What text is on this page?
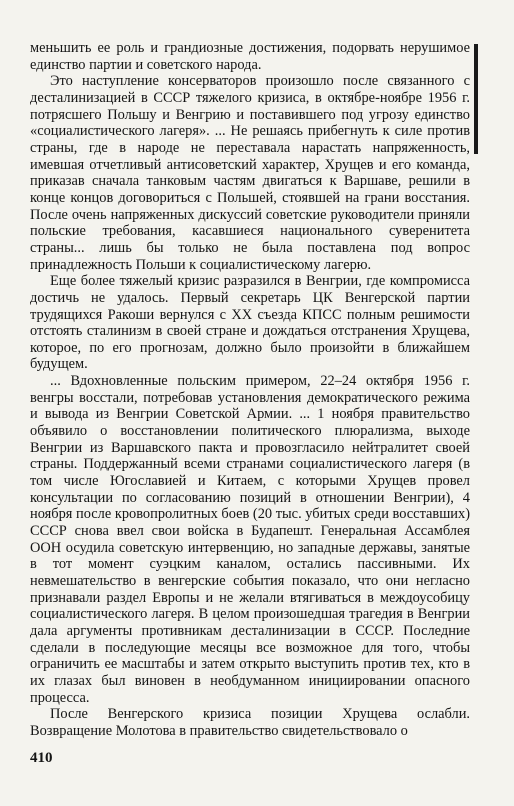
меньшить ее роль и грандиозные достижения, подорвать нерушимое единство партии и советского народа.

Это наступление консерваторов произошло после связанного с десталинизацией в СССР тяжелого кризиса, в октябре-ноябре 1956 г. потрясшего Польшу и Венгрию и поставившего под угрозу единство «социалистического лагеря». ... Не решаясь прибегнуть к силе против страны, где в народе не переставала нарастать напряженность, имевшая отчетливый антисоветский характер, Хрущев и его команда, приказав сначала танковым частям двигаться к Варшаве, решили в конце концов договориться с Польшей, стоявшей на грани восстания. После очень напряженных дискуссий советские руководители приняли польские требования, касавшиеся национального суверенитета страны... лишь бы только не была поставлена под вопрос принадлежность Польши к социалистическому лагерю.

Еще более тяжелый кризис разразился в Венгрии, где компромисса достичь не удалось. Первый секретарь ЦК Венгерской партии трудящихся Ракоши вернулся с XX съезда КПСС полным решимости отстоять сталинизм в своей стране и дождаться отстранения Хрущева, которое, по его прогнозам, должно было произойти в ближайшем будущем.

... Вдохновленные польским примером, 22–24 октября 1956 г. венгры восстали, потребовав установления демократического режима и вывода из Венгрии Советской Армии. ... 1 ноября правительство объявило о восстановлении политического плюрализма, выходе Венгрии из Варшавского пакта и провозгласило нейтралитет своей страны. Поддержанный всеми странами социалистического лагеря (в том числе Югославией и Китаем, с которыми Хрущев провел консультации по согласованию позиций в отношении Венгрии), 4 ноября после кровопролитных боев (20 тыс. убитых среди восставших) СССР снова ввел свои войска в Будапешт. Генеральная Ассамблея ООН осудила советскую интервенцию, но западные державы, занятые в тот момент суэцким каналом, остались пассивными. Их невмешательство в венгерские события показало, что они негласно признавали раздел Европы и не желали втягиваться в междоусобицу социалистического лагеря. В целом произошедшая трагедия в Венгрии дала аргументы противникам десталинизации в СССР. Последние сделали в последующие месяцы все возможное для того, чтобы ограничить ее масштабы и затем открыто выступить против тех, кто в их глазах был виновен в необдуманном инициировании опасного процесса.

После Венгерского кризиса позиции Хрущева ослабли. Возвращение Молотова в правительство свидетельствовало о

410
